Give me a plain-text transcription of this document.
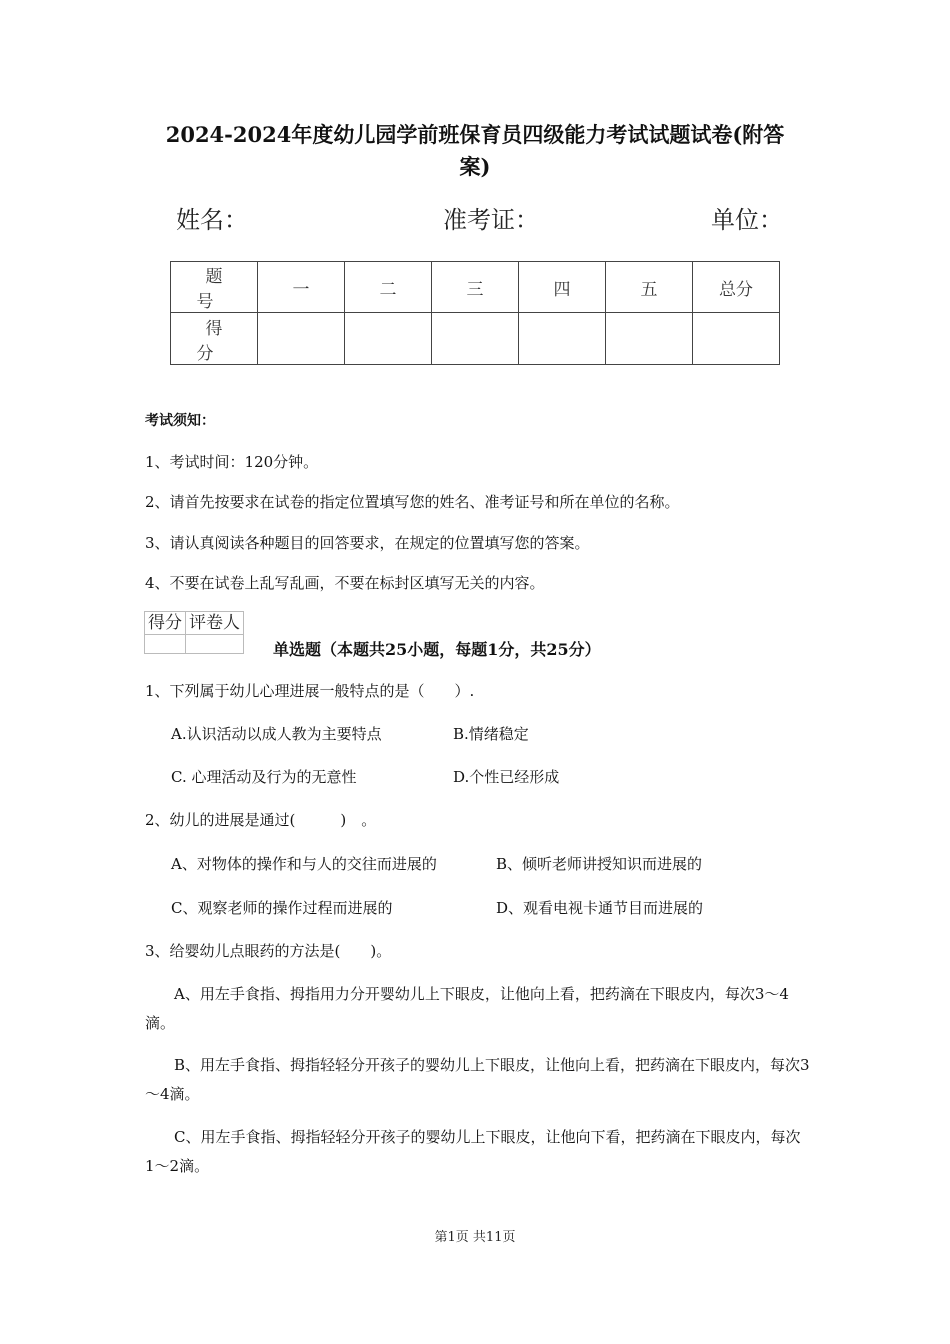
2024-2024年度幼儿园学前班保育员四级能力考试试题试卷(附答
案)
姓名：	准考证：	单位：
题 号	一	二	三	四	五	总分
得 分						
考试须知：
1、考试时间：120分钟。
2、请首先按要求在试卷的指定位置填写您的姓名、准考证号和所在单位的名称。
3、请认真阅读各种题目的回答要求，在规定的位置填写您的答案。
4、不要在试卷上乱写乱画，不要在标封区填写无关的内容。
得分	评卷人

单选题（本题共25小题，每题1分，共25分）
1、下列属于幼儿心理进展一般特点的是（　　）.
A.认识活动以成人教为主要特点	B.情绪稳定
C. 心理活动及行为的无意性	D.个性已经形成
2、幼儿的进展是通过(　　　)　。
A、对物体的操作和与人的交往而进展的	B、倾听老师讲授知识而进展的
C、观察老师的操作过程而进展的	D、观看电视卡通节目而进展的
3、给婴幼儿点眼药的方法是(　　)。
A、用左手食指、拇指用力分开婴幼儿上下眼皮，让他向上看，把药滴在下眼皮内，每次3～4滴。
B、用左手食指、拇指轻轻分开孩子的婴幼儿上下眼皮，让他向上看，把药滴在下眼皮内，每次3～4滴。
C、用左手食指、拇指轻轻分开孩子的婴幼儿上下眼皮，让他向下看，把药滴在下眼皮内，每次1～2滴。
第1页 共11页
